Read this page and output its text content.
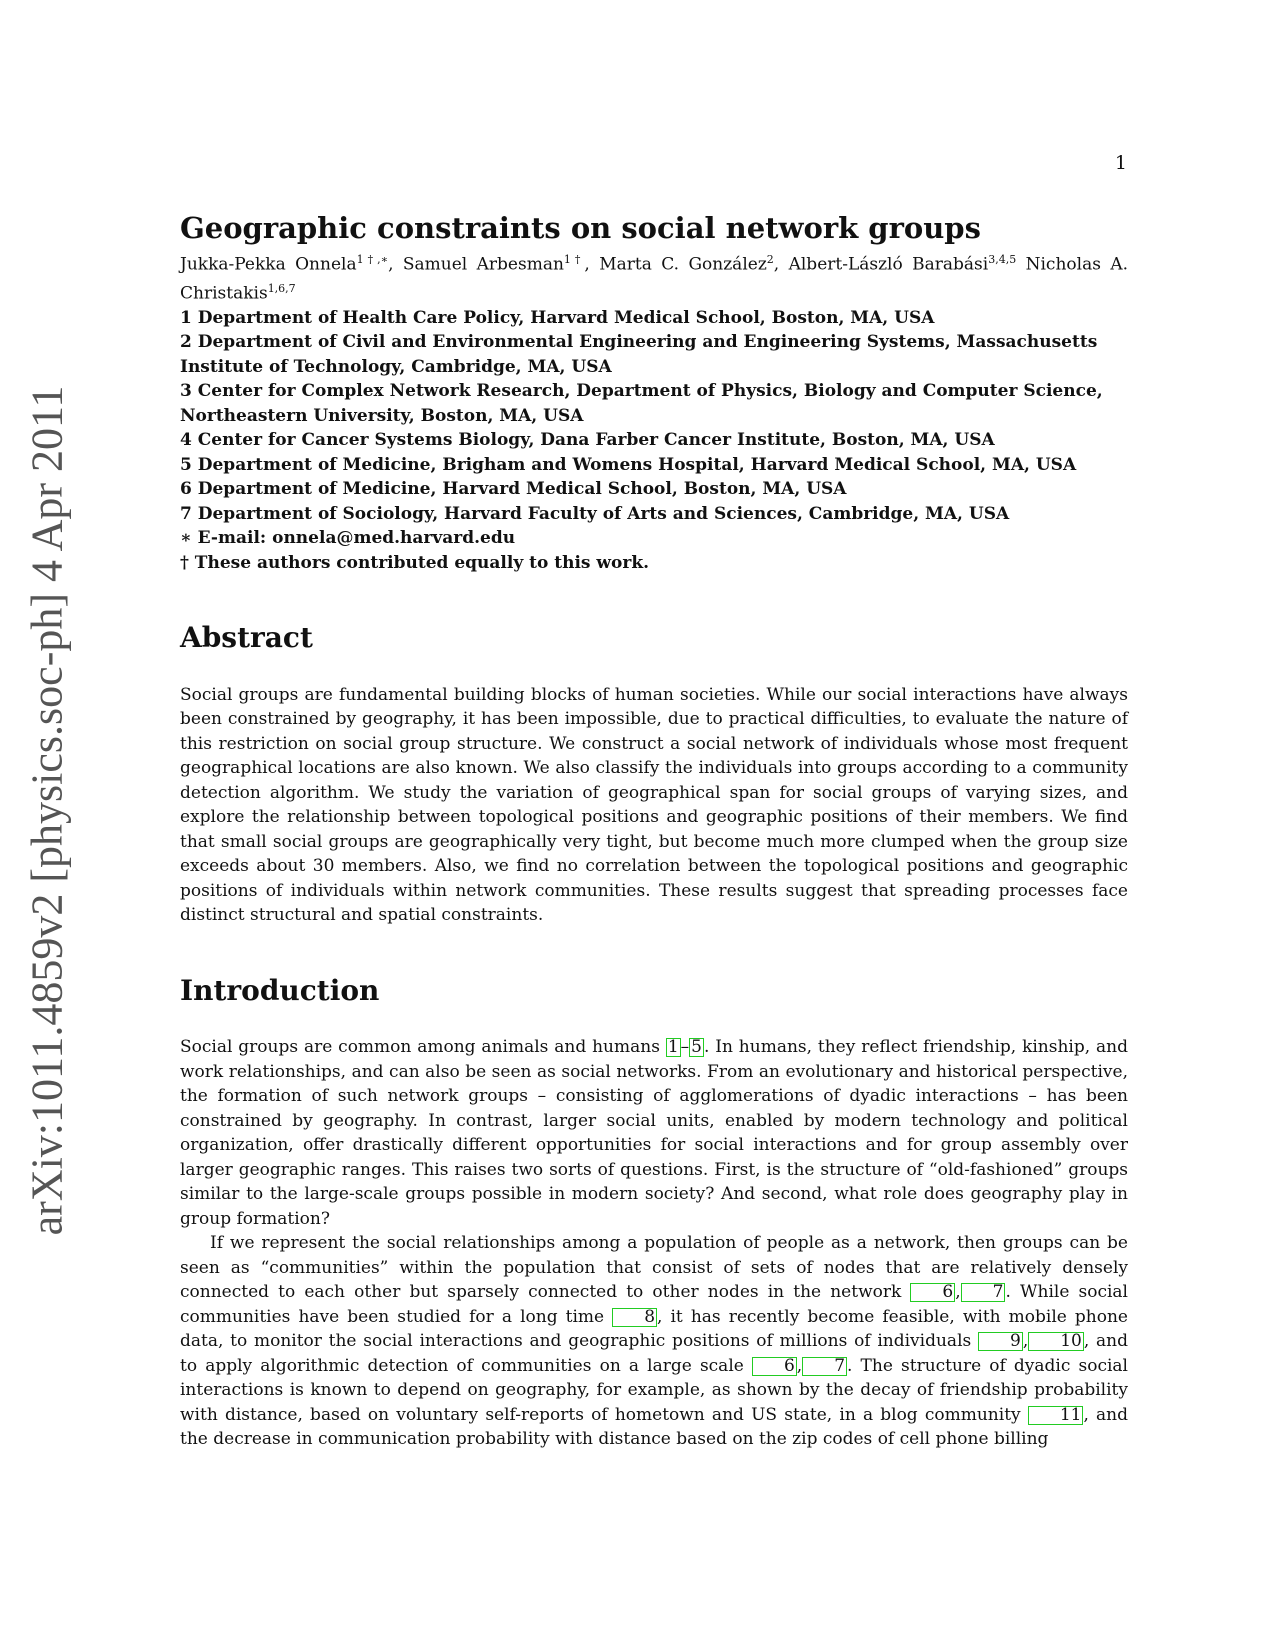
arXiv:1011.4859v2 [physics.soc-ph] 4 Apr 2011
1
Geographic constraints on social network groups
Jukka-Pekka Onnela$^{1\dagger,∗}$, Samuel Arbesman$^{1\dagger}$, Marta C. González$^2$, Albert-László Barabási$^{3,4,5}$ Nicholas A. Christakis$^{1,6,7}$
1 Department of Health Care Policy, Harvard Medical School, Boston, MA, USA
2 Department of Civil and Environmental Engineering and Engineering Systems, Massachusetts Institute of Technology, Cambridge, MA, USA
3 Center for Complex Network Research, Department of Physics, Biology and Computer Science, Northeastern University, Boston, MA, USA
4 Center for Cancer Systems Biology, Dana Farber Cancer Institute, Boston, MA, USA
5 Department of Medicine, Brigham and Womens Hospital, Harvard Medical School, MA, USA
6 Department of Medicine, Harvard Medical School, Boston, MA, USA
7 Department of Sociology, Harvard Faculty of Arts and Sciences, Cambridge, MA, USA
∗ E-mail: onnela@med.harvard.edu
† These authors contributed equally to this work.
Abstract

Social groups are fundamental building blocks of human societies. While our social interactions have always been constrained by geography, it has been impossible, due to practical difficulties, to evaluate the nature of this restriction on social group structure. We construct a social network of individuals whose most frequent geographical locations are also known. We also classify the individuals into groups according to a community detection algorithm. We study the variation of geographical span for social groups of varying sizes, and explore the relationship between topological positions and geographic positions of their members. We find that small social groups are geographically very tight, but become much more clumped when the group size exceeds about 30 members. Also, we find no correlation between the topological positions and geographic positions of individuals within network communities. These results suggest that spreading processes face distinct structural and spatial constraints.

Introduction

Social groups are common among animals and humans 1 – 5 . In humans, they reflect friendship, kinship, and work relationships, and can also be seen as social networks. From an evolutionary and historical perspective, the formation of such network groups – consisting of agglomerations of dyadic interactions – has been constrained by geography. In contrast, larger social units, enabled by modern technology and political organization, offer drastically different opportunities for social interactions and for group assembly over larger geographic ranges. This raises two sorts of questions. First, is the structure of “old-fashioned” groups similar to the large-scale groups possible in modern society? And second, what role does geography play in group formation?

If we represent the social relationships among a population of people as a network, then groups can be seen as “communities” within the population that consist of sets of nodes that are relatively densely connected to each other but sparsely connected to other nodes in the network 6 , 7 . While social communities have been studied for a long time 8 , it has recently become feasible, with mobile phone data, to monitor the social interactions and geographic positions of millions of individuals 9 , 10 , and to apply algorithmic detection of communities on a large scale 6 , 7 . The structure of dyadic social interactions is known to depend on geography, for example, as shown by the decay of friendship probability with distance, based on voluntary self-reports of hometown and US state, in a blog community 11 , and the decrease in communication probability with distance based on the zip codes of cell phone billing
